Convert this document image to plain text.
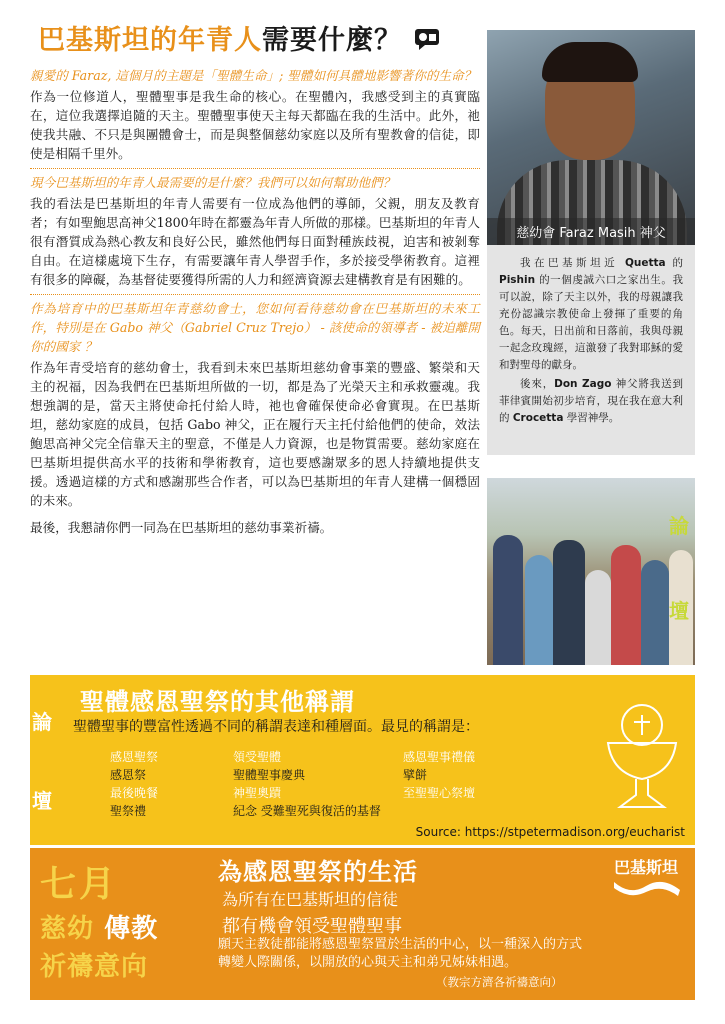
巴基斯坦的年青人需要什麼？
親愛的 Faraz, 這個月的主題是「聖體生命」; 聖體如何具體地影響著你的生命？
作為一位修道人，聖體聖事是我生命的核心。在聖體內，我感受到主的真實臨在，這位我選擇追隨的天主。聖體聖事使天主每天都臨在我的生活中。此外，祂使我共融、不只是與團體會士，而是與整個慈幼家庭以及所有聖教會的信徒，即使是相隔千里外。
現今巴基斯坦的年青人最需要的是什麼？我們可以如何幫助他們？
我的看法是巴基斯坦的年青人需要有一位成為他們的導師，父親，朋友及教育者；有如聖鮑思高神父1800年時在都靈為年青人所做的那樣。巴基斯坦的年青人很有潛質成為熱心教友和良好公民，雖然他們每日面對種族歧視，迫害和被剝奪自由。在這樣處境下生存，有需要讓年青人學習手作，多於接受學術教育。這裡有很多的障礙，為基督徒要獲得所需的人力和經濟資源去建構教育是有困難的。
作為培育中的巴基斯坦年青慈幼會士，您如何看待慈幼會在巴基斯坦的未來工作，特別是在 Gabo 神父（Gabriel Cruz Trejo） - 該使命的領導者 - 被迫離開你的國家 ？
作為年青受培育的慈幼會士，我看到未來巴基斯坦慈幼會事業的豐盛、繁榮和天主的祝福，因為我們在巴基斯坦所做的一切，都是為了光榮天主和承救靈魂。我想強調的是，當天主將使命托付給人時，祂也會確保使命必會實現。在巴基斯坦，慈幼家庭的成員，包括 Gabo 神父，正在履行天主托付給他們的使命，效法鮑思高神父完全信靠天主的聖意，不僅是人力資源，也是物質需要。慈幼家庭在巴基斯坦提供高水平的技術和學術教育，這也要感謝眾多的恩人持續地提供支援。透過這樣的方式和感謝那些合作者，可以為巴基斯坦的年青人建構一個穩固的未來。
最後，我懇請你們一同為在巴基斯坦的慈幼事業祈禱。
慈幼會 Faraz Masih 神父

我在巴基斯坦近 Quetta 的 Pishin 的一個虔誠六口之家出生。我可以說，除了天主以外，我的母親讓我充份認識宗教使命上發揮了重要的角色。每天，日出前和日落前，我與母親一起念玫瑰經，這激發了我對耶穌的愛和對聖母的獻身。

後來，Don Zago 神父將我送到菲律賓開始初步培育，現在我在意大利的 Crocetta 學習神學。

論
壇
論
壇
聖體感恩聖祭的其他稱謂
聖體聖事的豐富性透過不同的稱謂表達和種層面。最見的稱謂是：
感恩聖祭
感恩祭
最後晚餐
聖祭禮
領受聖體
聖體聖事慶典
神聖奧蹟
紀念 受難聖死與復活的基督
感恩聖事禮儀
擘餅
至聖聖心祭壇
Source: https://stpetermadison.org/eucharist
七月
慈幼 傳教
祈禱意向
為感恩聖祭的生活
為所有在巴基斯坦的信徒
都有機會領受聖體聖事
願天主教徒都能將感恩聖祭置於生活的中心，以一種深入的方式轉變人際關係，以開放的心與天主和弟兄姊妹相遇。
（教宗方濟各祈禱意向）
巴基斯坦
